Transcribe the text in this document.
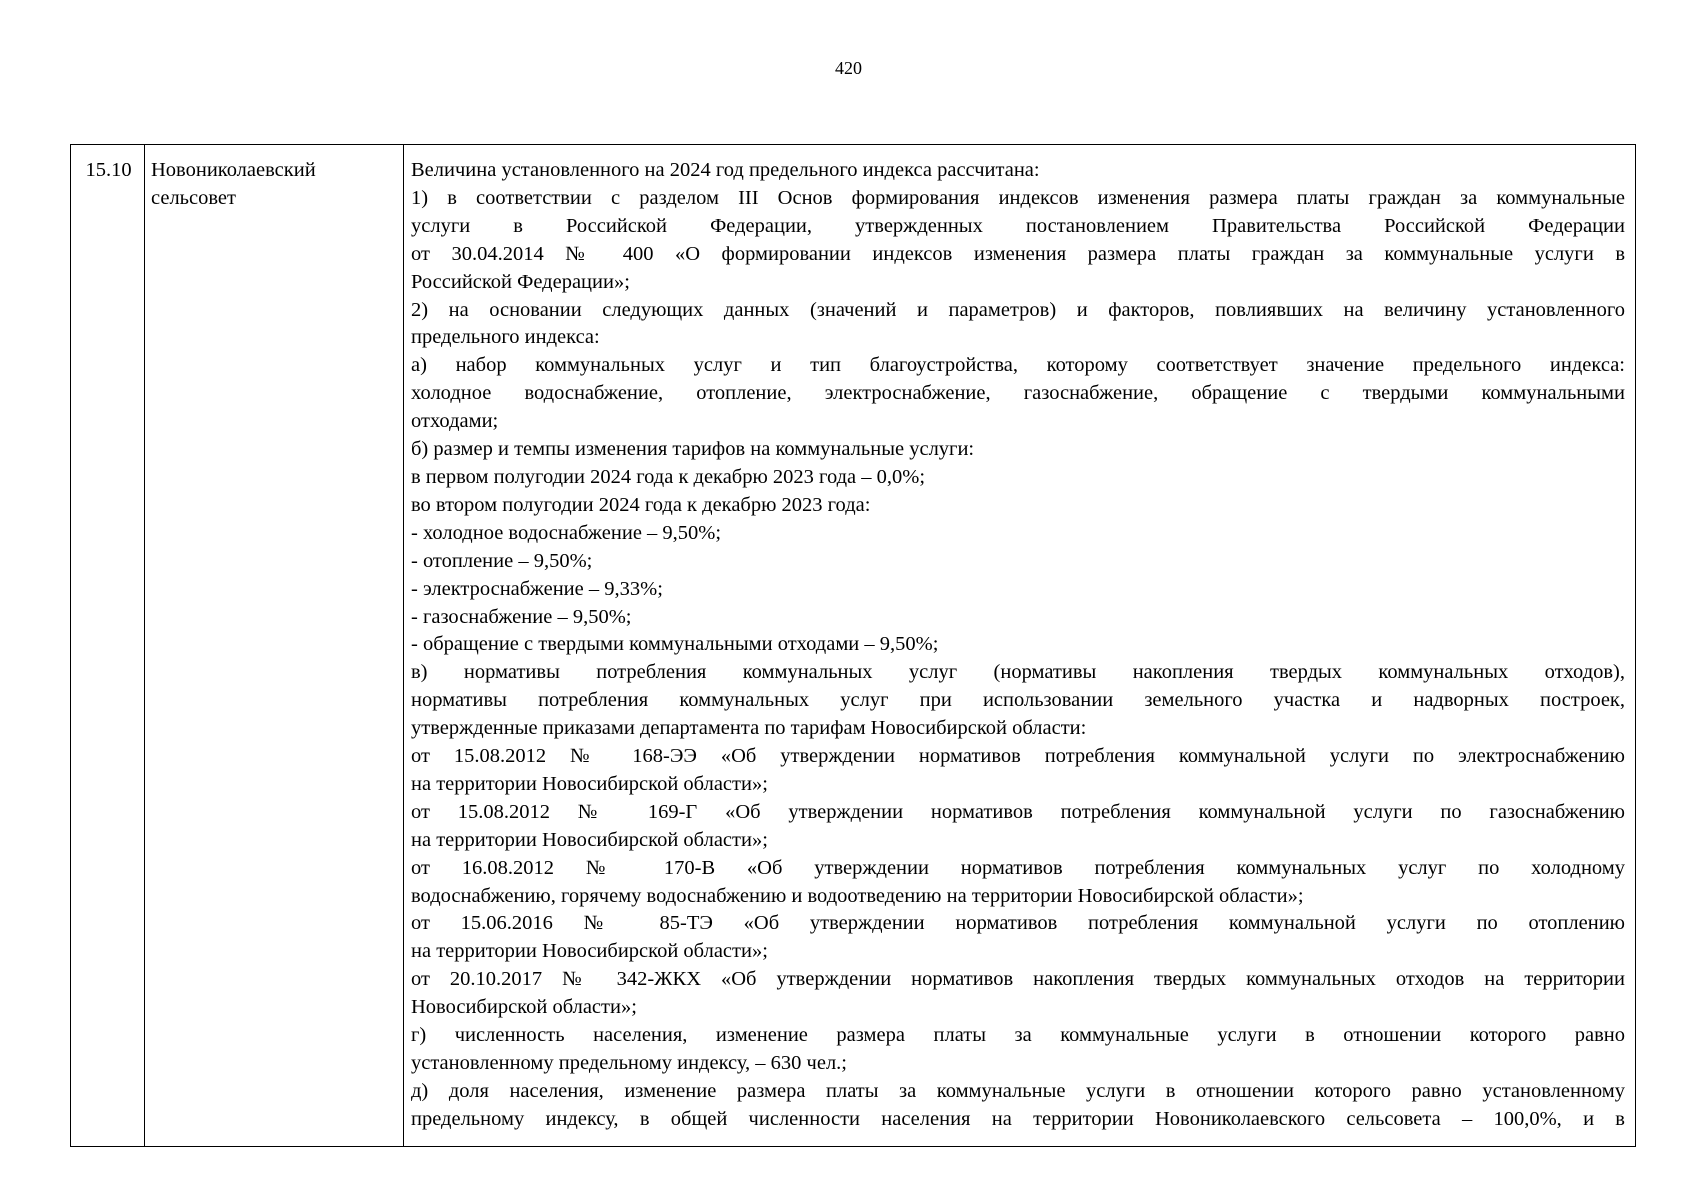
420
15.10 Новониколаевский
сельсовет
Величина установленного на 2024 год предельного индекса рассчитана:
1) в соответствии с разделом III Основ формирования индексов изменения размера платы граждан за коммунальные
услуги в Российской Федерации, утвержденных постановлением Правительства Российской Федерации
от 30.04.2014 № 400 «О формировании индексов изменения размера платы граждан за коммунальные услуги в
Российской Федерации»;
2) на основании следующих данных (значений и параметров) и факторов, повлиявших на величину установленного
предельного индекса:
а) набор коммунальных услуг и тип благоустройства, которому соответствует значение предельного индекса:
холодное водоснабжение, отопление, электроснабжение, газоснабжение, обращение с твердыми коммунальными
отходами;
б) размер и темпы изменения тарифов на коммунальные услуги:
в первом полугодии 2024 года к декабрю 2023 года – 0,0%;
во втором полугодии 2024 года к декабрю 2023 года:
- холодное водоснабжение – 9,50%;
- отопление – 9,50%;
- электроснабжение – 9,33%;
- газоснабжение – 9,50%;
- обращение с твердыми коммунальными отходами – 9,50%;
в) нормативы потребления коммунальных услуг (нормативы накопления твердых коммунальных отходов),
нормативы потребления коммунальных услуг при использовании земельного участка и надворных построек,
утвержденные приказами департамента по тарифам Новосибирской области:
от 15.08.2012 № 168-ЭЭ «Об утверждении нормативов потребления коммунальной услуги по электроснабжению
на территории Новосибирской области»;
от 15.08.2012 № 169-Г «Об утверждении нормативов потребления коммунальной услуги по газоснабжению
на территории Новосибирской области»;
от 16.08.2012 № 170-В «Об утверждении нормативов потребления коммунальных услуг по холодному
водоснабжению, горячему водоснабжению и водоотведению на территории Новосибирской области»;
от 15.06.2016 № 85-ТЭ «Об утверждении нормативов потребления коммунальной услуги по отоплению
на территории Новосибирской области»;
от 20.10.2017 № 342-ЖКХ «Об утверждении нормативов накопления твердых коммунальных отходов на территории
Новосибирской области»;
г) численность населения, изменение размера платы за коммунальные услуги в отношении которого равно
установленному предельному индексу, – 630 чел.;
д) доля населения, изменение размера платы за коммунальные услуги в отношении которого равно установленному
предельному индексу, в общей численности населения на территории Новониколаевского сельсовета – 100,0%, и в
